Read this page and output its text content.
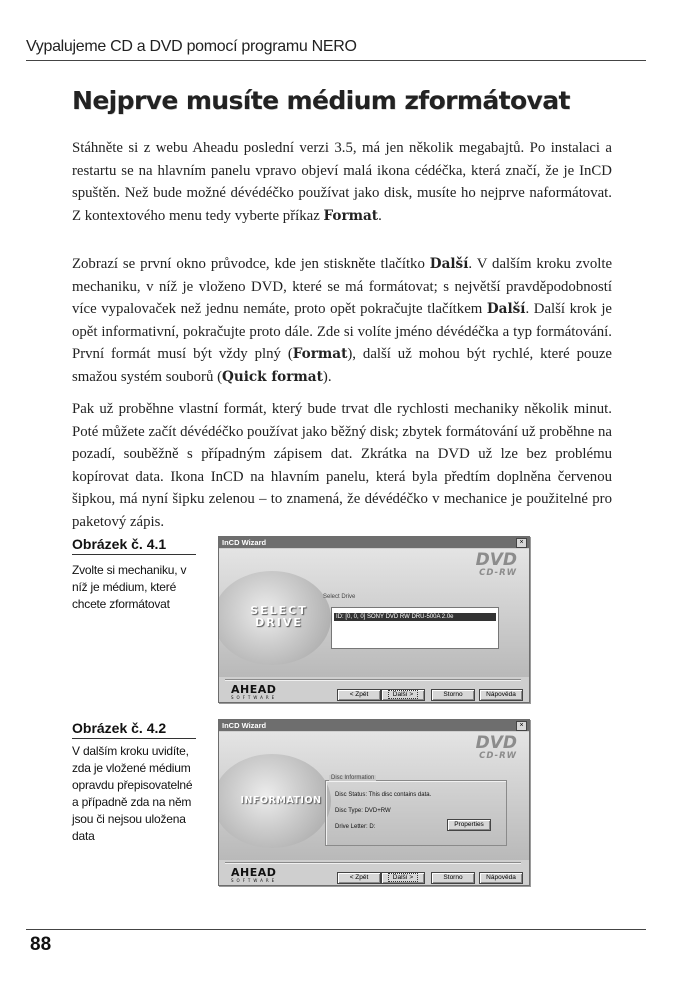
Vypalujeme CD a DVD pomocí programu NERO
Nejprve musíte médium zformátovat

Stáhněte si z webu Aheadu poslední verzi 3.5, má jen několik megabajtů. Po instalaci a restartu se na hlavním panelu vpravo objeví malá ikona cédéčka, která značí, že je InCD spuštěn. Než bude možné dévédéčko používat jako disk, musíte ho nejprve naformátovat. Z kontextového menu tedy vyberte příkaz Format.

Zobrazí se první okno průvodce, kde jen stiskněte tlačítko Další. V dalším kroku zvolte mechaniku, v níž je vloženo DVD, které se má formátovat; s největší pravděpodobností více vypalovaček než jednu nemáte, proto opět pokračujte tlačítkem Další. Další krok je opět informativní, pokračujte proto dále. Zde si volíte jméno dévédéčka a typ formátování. První formát musí být vždy plný (Format), další už mohou být rychlé, které pouze smažou systém souborů (Quick format).

Pak už proběhne vlastní formát, který bude trvat dle rychlosti mechaniky několik minut. Poté můžete začít dévédéčko používat jako běžný disk; zbytek formátování už proběhne na pozadí, souběžně s případným zápisem dat. Zkrátka na DVD už lze bez problému kopírovat data. Ikona InCD na hlavním panelu, která byla předtím doplněna červenou šipkou, má nyní šipku zelenou – to znamená, že dévédéčko v mechanice je použitelné pro paketový zápis.

Obrázek č. 4.1
Zvolte si mechaniku, v níž je médium, které chcete zformátovat
InCD Wizard	×
SELECT DRIVE
DVD
CD-RW
Select Drive
ID: [0, 0, 0] SONY DVD RW DRU-500A 2.0e
AHEAD
SOFTWARE	< Zpět	Další >	Storno	Nápověda
Obrázek č. 4.2
V dalším kroku uvidíte, zda je vložené médium opravdu přepisovatelné a případně zda na něm jsou či nejsou uložena data
InCD Wizard	×
INFORMATION
DVD
CD-RW
Disc Information
Disc Status: This disc contains data.
Disc Type: DVD+RW
Drive Letter: D:	Properties
AHEAD
SOFTWARE	< Zpět	Další >	Storno	Nápověda
88
